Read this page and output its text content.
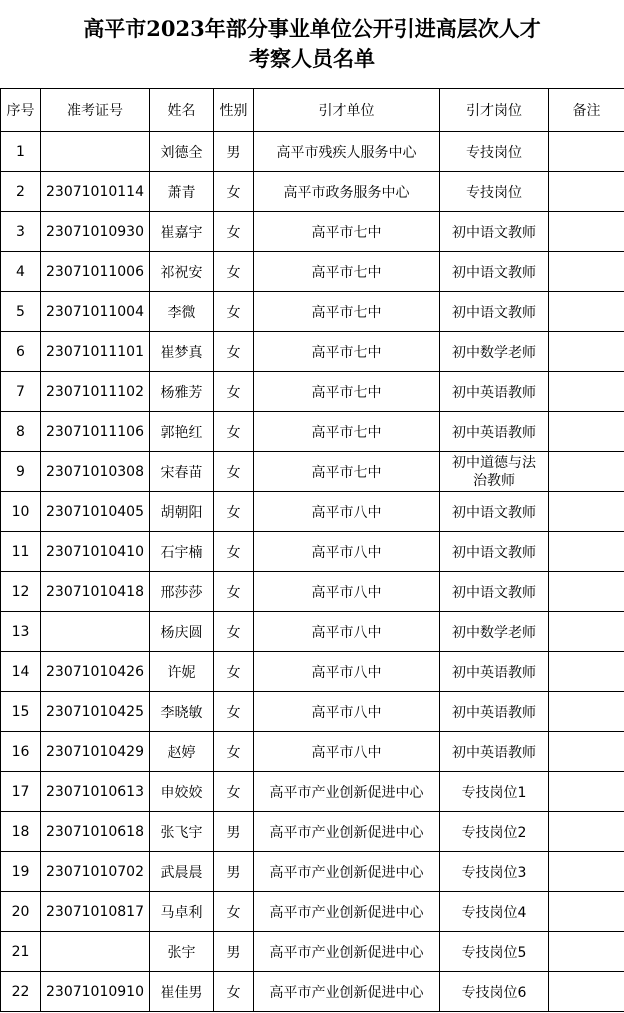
高平市2023年部分事业单位公开引进高层次人才
考察人员名单
序号	准考证号	姓名	性别	引才单位	引才岗位	备注
1		刘德全	男	高平市残疾人服务中心	专技岗位	
2	23071010114	萧青	女	高平市政务服务中心	专技岗位	
3	23071010930	崔嘉宇	女	高平市七中	初中语文教师	
4	23071011006	祁祝安	女	高平市七中	初中语文教师	
5	23071011004	李微	女	高平市七中	初中语文教师	
6	23071011101	崔梦真	女	高平市七中	初中数学老师	
7	23071011102	杨雅芳	女	高平市七中	初中英语教师	
8	23071011106	郭艳红	女	高平市七中	初中英语教师	
9	23071010308	宋春苗	女	高平市七中	初中道德与法
治教师	
10	23071010405	胡朝阳	女	高平市八中	初中语文教师	
11	23071010410	石宇楠	女	高平市八中	初中语文教师	
12	23071010418	邢莎莎	女	高平市八中	初中语文教师	
13		杨庆圆	女	高平市八中	初中数学老师	
14	23071010426	许妮	女	高平市八中	初中英语教师	
15	23071010425	李晓敏	女	高平市八中	初中英语教师	
16	23071010429	赵婷	女	高平市八中	初中英语教师	
17	23071010613	申姣姣	女	高平市产业创新促进中心	专技岗位1	
18	23071010618	张飞宇	男	高平市产业创新促进中心	专技岗位2	
19	23071010702	武晨晨	男	高平市产业创新促进中心	专技岗位3	
20	23071010817	马卓利	女	高平市产业创新促进中心	专技岗位4	
21		张宇	男	高平市产业创新促进中心	专技岗位5	
22	23071010910	崔佳男	女	高平市产业创新促进中心	专技岗位6	
